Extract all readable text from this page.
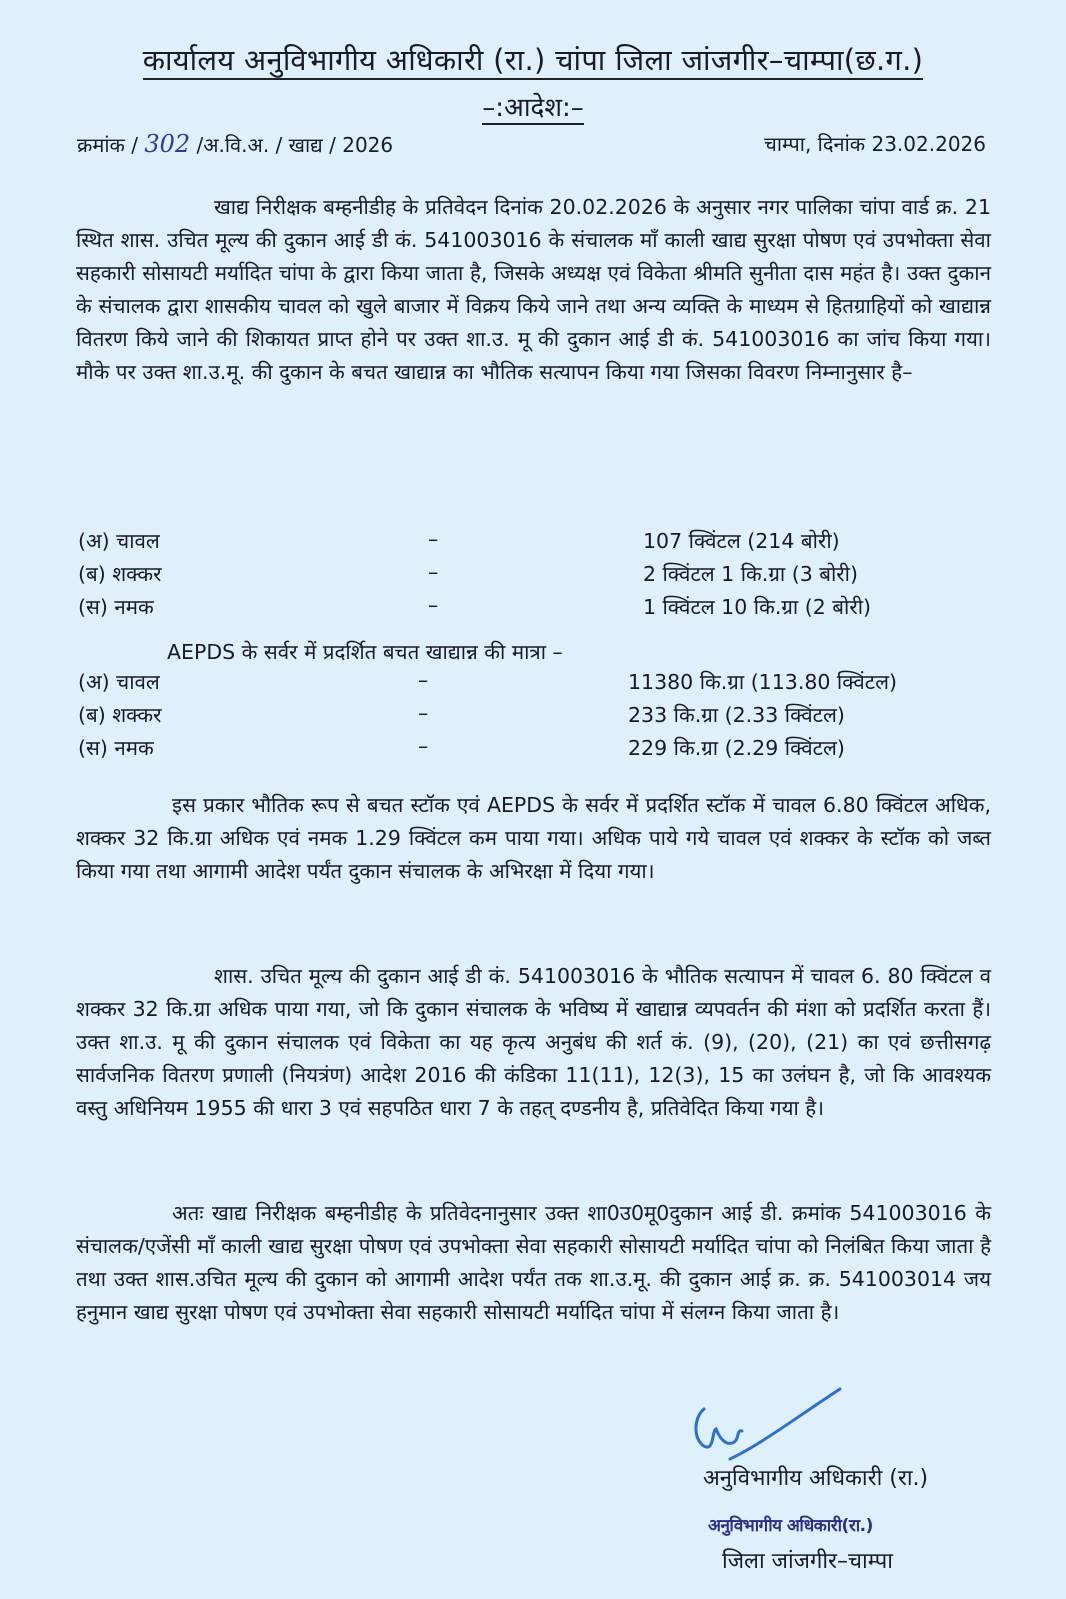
कार्यालय अनुविभागीय अधिकारी (रा.) चांपा जिला जांजगीर–चाम्पा(छ.ग.)
–:आदेश:–
क्रमांक / 302 /अ.वि.अ. / खाद्य / 2026	चाम्पा, दिनांक 23.02.2026

खाद्य निरीक्षक बम्हनीडीह के प्रतिवेदन दिनांक 20.02.2026 के अनुसार नगर पालिका चांपा वार्ड क्र. 21 स्थित शास. उचित मूल्य की दुकान आई डी कं. 541003016 के संचालक माँ काली खाद्य सुरक्षा पोषण एवं उपभोक्ता सेवा सहकारी सोसायटी मर्यादित चांपा के द्वारा किया जाता है, जिसके अध्यक्ष एवं विकेता श्रीमति सुनीता दास महंत है। उक्त दुकान के संचालक द्वारा शासकीय चावल को खुले बाजार में विक्रय किये जाने तथा अन्य व्यक्ति के माध्यम से हितग्राहियों को खाद्यान्न वितरण किये जाने की शिकायत प्राप्त होने पर उक्त शा.उ. मू की दुकान आई डी कं. 541003016 का जांच किया गया। मौके पर उक्त शा.उ.मू. की दुकान के बचत खाद्यान्न का भौतिक सत्यापन किया गया जिसका विवरण निम्नानुसार है–

(अ) चावल	–	107 क्विंटल (214 बोरी)
(ब) शक्कर	–	2 क्विंटल 1 कि.ग्रा (3 बोरी)
(स) नमक	–	1 क्विंटल 10 कि.ग्रा (2 बोरी)
AEPDS के सर्वर में प्रदर्शित बचत खाद्यान्न की मात्रा –
(अ) चावल	–	11380 कि.ग्रा (113.80 क्विंटल)
(ब) शक्कर	–	233 कि.ग्रा (2.33 क्विंटल)
(स) नमक	–	229 कि.ग्रा (2.29 क्विंटल)

इस प्रकार भौतिक रूप से बचत स्टॉक एवं AEPDS के सर्वर में प्रदर्शित स्टॉक में चावल 6.80 क्विंटल अधिक, शक्कर 32 कि.ग्रा अधिक एवं नमक 1.29 क्विंटल कम पाया गया। अधिक पाये गये चावल एवं शक्कर के स्टॉक को जब्त किया गया तथा आगामी आदेश पर्यंत दुकान संचालक के अभिरक्षा में दिया गया।

शास. उचित मूल्य की दुकान आई डी कं. 541003016 के भौतिक सत्यापन में चावल 6. 80 क्विंटल व शक्कर 32 कि.ग्रा अधिक पाया गया, जो कि दुकान संचालक के भविष्य में खाद्यान्न व्यपवर्तन की मंशा को प्रदर्शित करता हैं। उक्त शा.उ. मू की दुकान संचालक एवं विकेता का यह कृत्य अनुबंध की शर्त कं. (9), (20), (21) का एवं छत्तीसगढ़ सार्वजनिक वितरण प्रणाली (नियत्रंण) आदेश 2016 की कंडिका 11(11), 12(3), 15 का उलंघन है, जो कि आवश्यक वस्तु अधिनियम 1955 की धारा 3 एवं सहपठित धारा 7 के तहत् दण्डनीय है, प्रतिवेदित किया गया है।

अतः खाद्य निरीक्षक बम्हनीडीह के प्रतिवेदनानुसार उक्त शा0उ0मू0दुकान आई डी. क्रमांक 541003016 के संचालक/एजेंसी माँ काली खाद्य सुरक्षा पोषण एवं उपभोक्ता सेवा सहकारी सोसायटी मर्यादित चांपा को निलंबित किया जाता है तथा उक्त शास.उचित मूल्य की दुकान को आगामी आदेश पर्यंत तक शा.उ.मू. की दुकान आई क्र. क्र. 541003014 जय हनुमान खाद्य सुरक्षा पोषण एवं उपभोक्ता सेवा सहकारी सोसायटी मर्यादित चांपा में संलग्न किया जाता है।

अनुविभागीय अधिकारी (रा.)
अनुविभागीय अधिकारी(रा.)
जिला जांजगीर–चाम्पा
